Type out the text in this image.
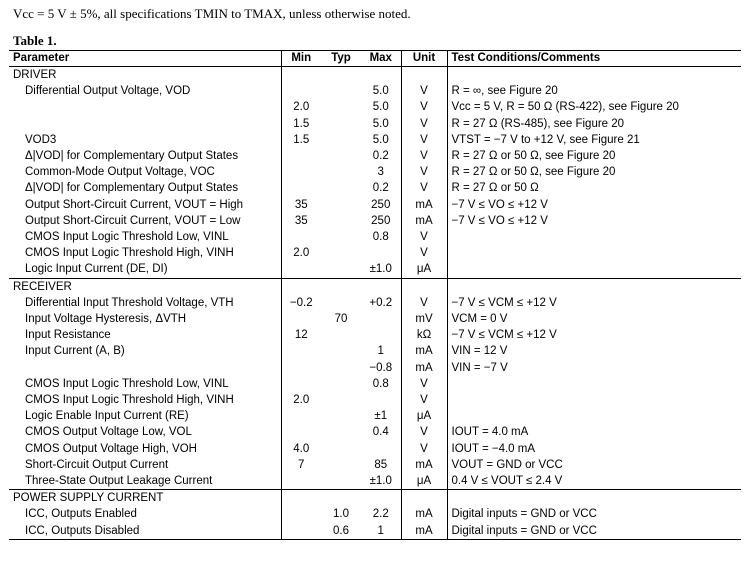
Vcc = 5 V ± 5%, all specifications TMIN to TMAX, unless otherwise noted.
Table 1.
Parameter	Min	Typ	Max	Unit	Test Conditions/Comments
DRIVER					
Differential Output Voltage, VOD			5.0	V	R = ∞, see Figure 20
	2.0		5.0	V	Vcc = 5 V, R = 50 Ω (RS-422), see Figure 20
	1.5		5.0	V	R = 27 Ω (RS-485), see Figure 20
VOD3	1.5		5.0	V	VTST = −7 V to +12 V, see Figure 21
Δ|VOD| for Complementary Output States			0.2	V	R = 27 Ω or 50 Ω, see Figure 20
Common-Mode Output Voltage, VOC			3	V	R = 27 Ω or 50 Ω, see Figure 20
Δ|VOD| for Complementary Output States			0.2	V	R = 27 Ω or 50 Ω
Output Short-Circuit Current, VOUT = High	35		250	mA	−7 V ≤ VO ≤ +12 V
Output Short-Circuit Current, VOUT = Low	35		250	mA	−7 V ≤ VO ≤ +12 V
CMOS Input Logic Threshold Low, VINL			0.8	V	
CMOS Input Logic Threshold High, VINH	2.0			V	
Logic Input Current (DE, DI)			±1.0	μA	
RECEIVER					
Differential Input Threshold Voltage, VTH	−0.2		+0.2	V	−7 V ≤ VCM ≤ +12 V
Input Voltage Hysteresis, ΔVTH		70		mV	VCM = 0 V
Input Resistance	12			kΩ	−7 V ≤ VCM ≤ +12 V
Input Current (A, B)			1	mA	VIN = 12 V
			−0.8	mA	VIN = −7 V
CMOS Input Logic Threshold Low, VINL			0.8	V	
CMOS Input Logic Threshold High, VINH	2.0			V	
Logic Enable Input Current (RE)			±1	μA	
CMOS Output Voltage Low, VOL			0.4	V	IOUT = 4.0 mA
CMOS Output Voltage High, VOH	4.0			V	IOUT = −4.0 mA
Short-Circuit Output Current	7		85	mA	VOUT = GND or VCC
Three-State Output Leakage Current			±1.0	μA	0.4 V ≤ VOUT ≤ 2.4 V
POWER SUPPLY CURRENT					
ICC, Outputs Enabled		1.0	2.2	mA	Digital inputs = GND or VCC
ICC, Outputs Disabled		0.6	1	mA	Digital inputs = GND or VCC
